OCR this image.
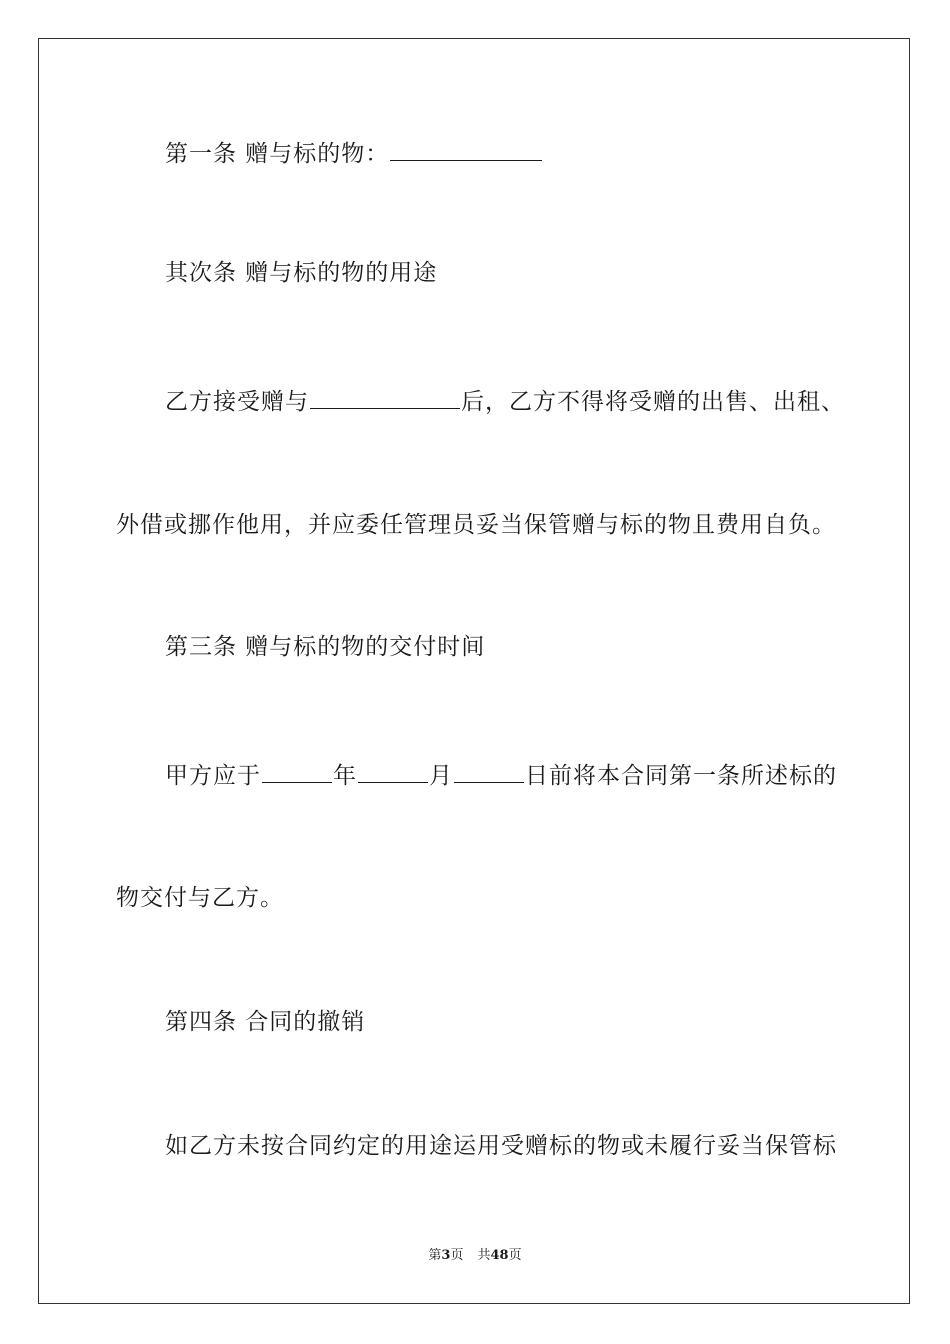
第一条 赠与标的物：
其次条 赠与标的物的用途
乙方接受赠与	后，乙方不得将受赠的出售、出租、
外借或挪作他用，并应委任管理员妥当保管赠与标的物且费用自负。
第三条 赠与标的物的交付时间
甲方应于	年	月	日前将本合同第一条所述标的
物交付与乙方。
第四条 合同的撤销
如乙方未按合同约定的用途运用受赠标的物或未履行妥当保管标
第3页 共48页
